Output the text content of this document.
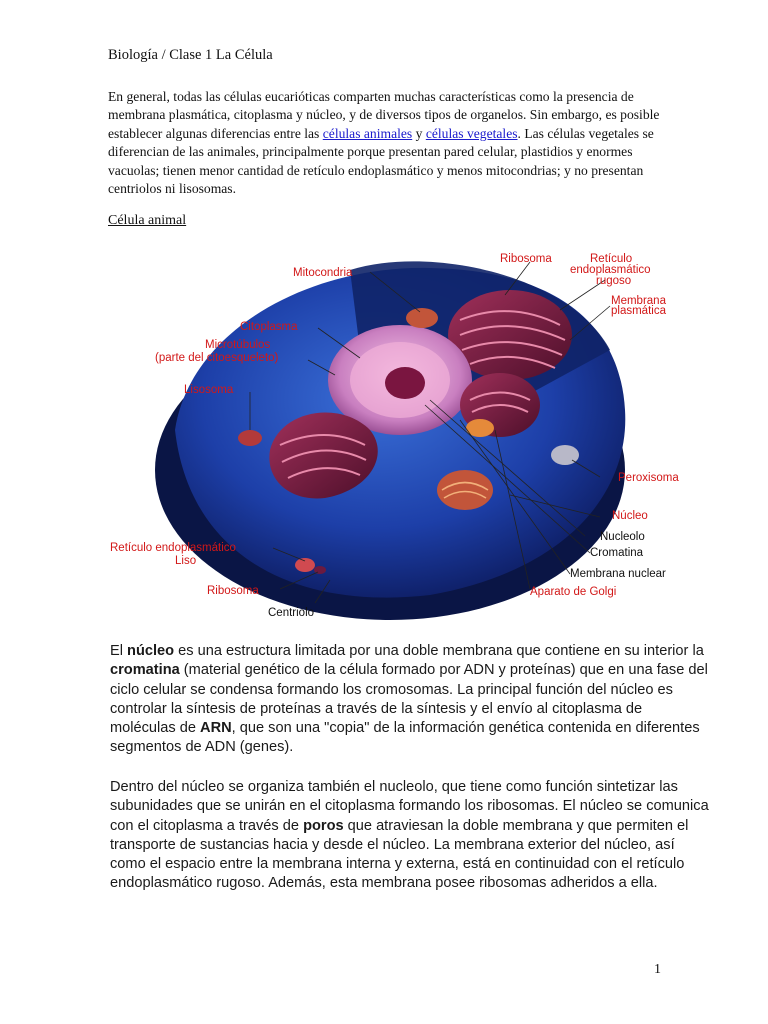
Biología / Clase 1 La Célula
En general, todas las células eucarióticas comparten muchas características como la presencia de membrana plasmática, citoplasma y núcleo, y de diversos tipos de organelos. Sin embargo, es posible establecer algunas diferencias entre las células animales y células vegetales. Las células vegetales se diferencian de las animales, principalmente porque presentan pared celular, plastidios y enormes vacuolas; tienen menor cantidad de retículo endoplasmático y menos mitocondrias; y no presentan centriolos ni lisosomas.
Célula animal
Mitocondria
Ribosoma	Retículo
endoplasmático
rugoso
Membrana
plasmática
Citoplasma
Microtúbulos
(parte del citoesqueleto)
Lisosoma
Peroxisoma
Núcleo
Nucleolo
Cromatina
Retículo endoplasmático
Liso
Membrana nuclear
Ribosoma	Aparato de Golgi
Centriolo
El núcleo es una estructura limitada por una doble membrana que contiene en su interior la cromatina (material genético de la célula formado por ADN y proteínas) que en una fase del ciclo celular se condensa formando los cromosomas. La principal función del núcleo es controlar la síntesis de proteínas a través de la síntesis y el envío al citoplasma de moléculas de ARN, que son una "copia" de la información genética contenida en diferentes segmentos de ADN (genes).
Dentro del núcleo se organiza también el nucleolo, que tiene como función sintetizar las subunidades que se unirán en el citoplasma formando los ribosomas. El núcleo se comunica con el citoplasma a través de poros que atraviesan la doble membrana y que permiten el transporte de sustancias hacia y desde el núcleo. La membrana exterior del núcleo, así como el espacio entre la membrana interna y externa, está en continuidad con el retículo endoplasmático rugoso. Además, esta membrana posee ribosomas adheridos a ella.
1
